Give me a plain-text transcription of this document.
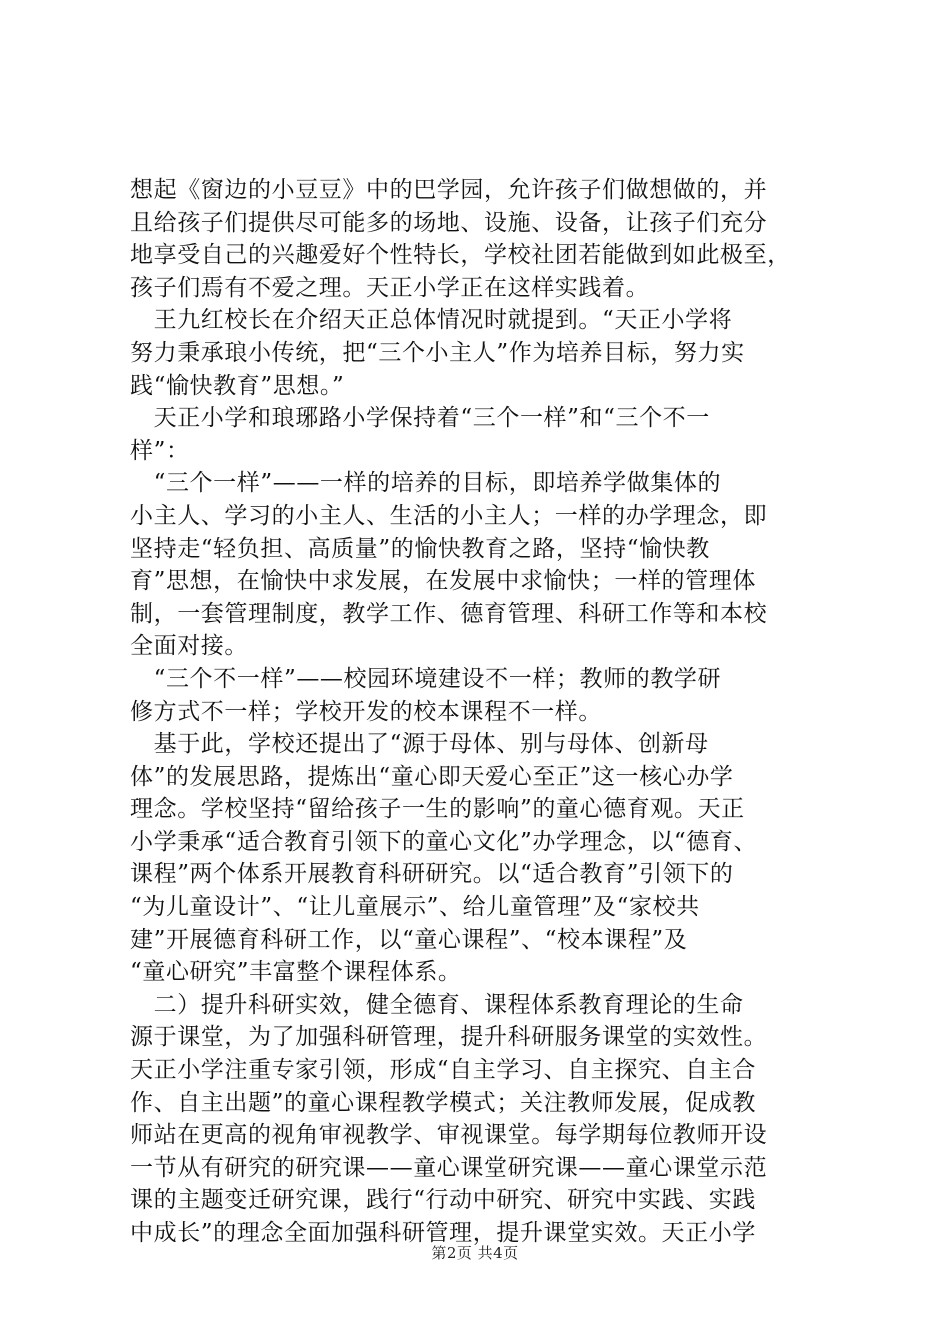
想起《窗边的小豆豆》中的巴学园，允许孩子们做想做的，并
且给孩子们提供尽可能多的场地、设施、设备，让孩子们充分
地享受自己的兴趣爱好个性特长，学校社团若能做到如此极至，
孩子们焉有不爱之理。天正小学正在这样实践着。
　王九红校长在介绍天正总体情况时就提到。“天正小学将
努力秉承琅小传统，把“三个小主人”作为培养目标，努力实
践“愉快教育”思想。”
　天正小学和琅琊路小学保持着“三个一样”和“三个不一
样”：
　“三个一样”——一样的培养的目标，即培养学做集体的
小主人、学习的小主人、生活的小主人；一样的办学理念，即
坚持走“轻负担、高质量”的愉快教育之路，坚持“愉快教
育”思想，在愉快中求发展，在发展中求愉快；一样的管理体
制，一套管理制度，教学工作、德育管理、科研工作等和本校
全面对接。
　“三个不一样”——校园环境建设不一样；教师的教学研
修方式不一样；学校开发的校本课程不一样。
　基于此，学校还提出了“源于母体、别与母体、创新母
体”的发展思路，提炼出“童心即天爱心至正”这一核心办学
理念。学校坚持“留给孩子一生的影响”的童心德育观。天正
小学秉承“适合教育引领下的童心文化”办学理念，以“德育、
课程”两个体系开展教育科研研究。以“适合教育”引领下的
“为儿童设计”、“让儿童展示”、给儿童管理”及“家校共
建”开展德育科研工作，以“童心课程”、“校本课程”及
“童心研究”丰富整个课程体系。
　二）提升科研实效，健全德育、课程体系教育理论的生命
源于课堂，为了加强科研管理，提升科研服务课堂的实效性。
天正小学注重专家引领，形成“自主学习、自主探究、自主合
作、自主出题”的童心课程教学模式；关注教师发展，促成教
师站在更高的视角审视教学、审视课堂。每学期每位教师开设
一节从有研究的研究课——童心课堂研究课——童心课堂示范
课的主题变迁研究课，践行“行动中研究、研究中实践、实践
中成长”的理念全面加强科研管理，提升课堂实效。天正小学
第2页 共4页
